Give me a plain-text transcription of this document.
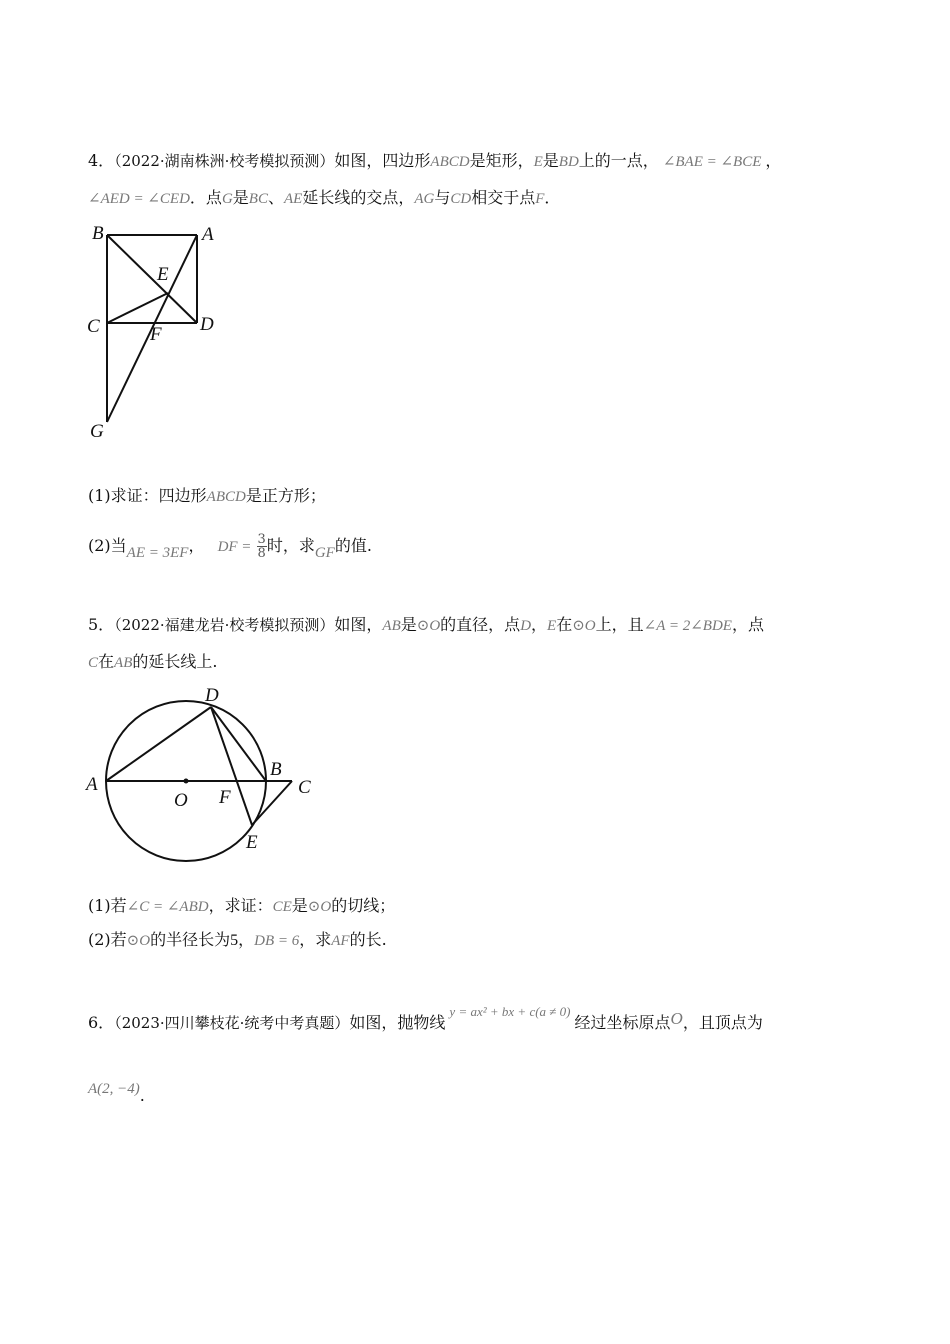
4．（2022·湖南株洲·校考模拟预测）如图，四边形ABCD是矩形，E是BD上的一点， ∠BAE = ∠BCE ，
∠AED = ∠CED．点G是BC、AE延长线的交点，AG与CD相交于点F．
B	A
E
C	F D
G
(1)求证：四边形ABCD是正方形；
(2)当AE = 3EF， DF = $\frac{3}{8}$ 时，求GF的值.
5．（2022·福建龙岩·校考模拟预测）如图，AB是⊙O的直径，点D，E在⊙O上，且∠A = 2∠BDE，点
C在AB的延长线上.
D
A
O F
B
C
E
(1)若∠C = ∠ABD，求证：CE是⊙O的切线；
(2)若⊙O的半径长为5，DB = 6，求AF的长.
6．（2023·四川攀枝花·统考中考真题）如图，抛物线$^{y = ax^2 + bx + c(a \ne 0)}$经过坐标原点O，且顶点为
A(2, −4).
